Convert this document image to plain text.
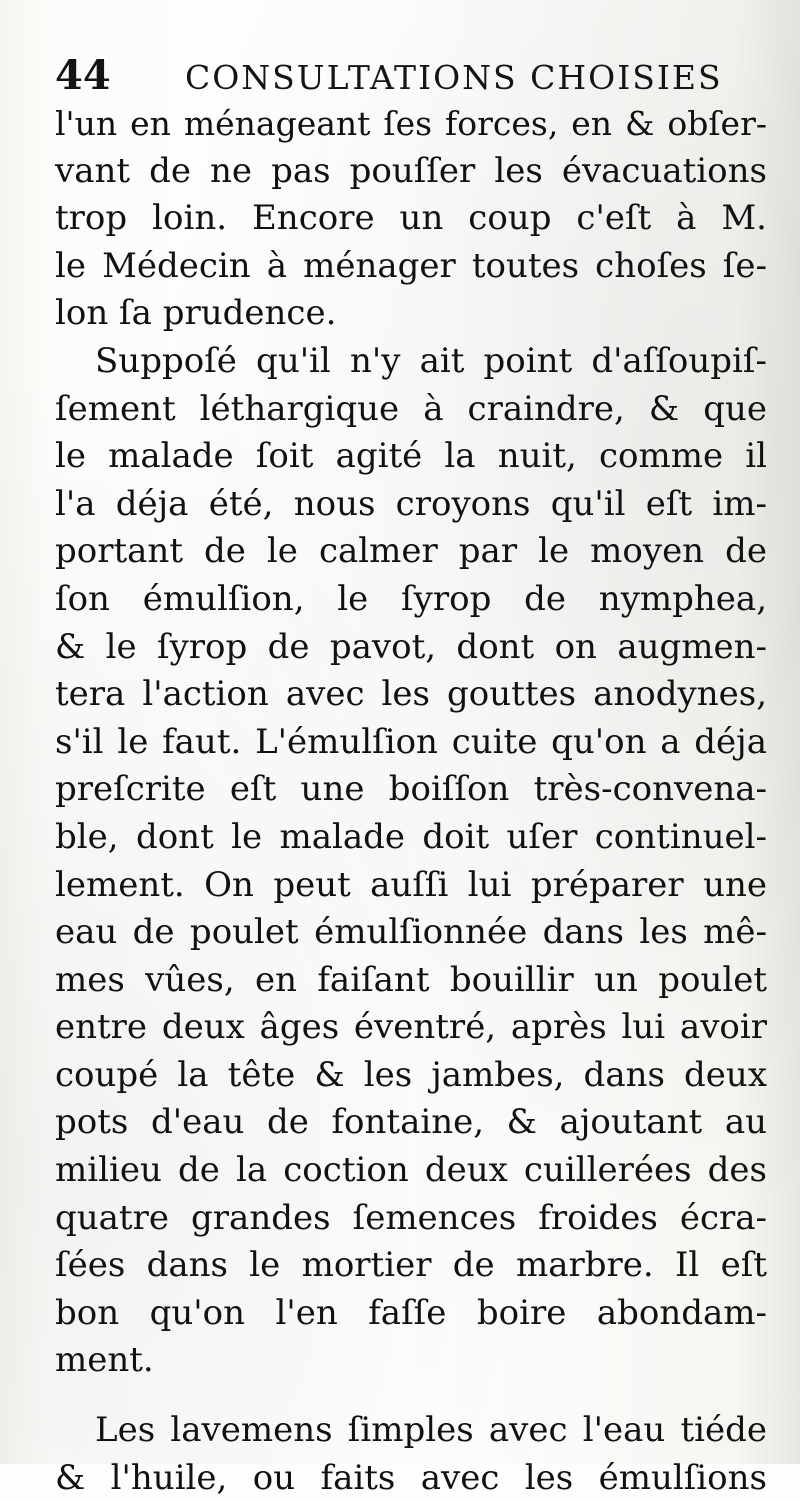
44 CONSULTATIONS CHOISIES
l'un en ménageant ſes forces, en & obſer-
vant de ne pas pouſſer les évacuations
trop loin. Encore un coup c'eſt à M.
le Médecin à ménager toutes choſes ſe-
lon ſa prudence.
Suppoſé qu'il n'y ait point d'aſſoupiſ-
ſement léthargique à craindre, & que
le malade ſoit agité la nuit, comme il
l'a déja été, nous croyons qu'il eſt im-
portant de le calmer par le moyen de
ſon émulſion, le ſyrop de nymphea,
& le ſyrop de pavot, dont on augmen-
tera l'action avec les gouttes anodynes,
s'il le faut. L'émulſion cuite qu'on a déja
preſcrite eſt une boiſſon très-convena-
ble, dont le malade doit uſer continuel-
lement. On peut auſſi lui préparer une
eau de poulet émulſionnée dans les mê-
mes vûes, en faiſant bouillir un poulet
entre deux âges éventré, après lui avoir
coupé la tête & les jambes, dans deux
pots d'eau de fontaine, & ajoutant au
milieu de la coction deux cuillerées des
quatre grandes ſemences froides écra-
ſées dans le mortier de marbre. Il eſt
bon qu'on l'en faſſe boire abondam-
ment.
Les lavemens ſimples avec l'eau tiéde
& l'huile, ou faits avec les émulſions
